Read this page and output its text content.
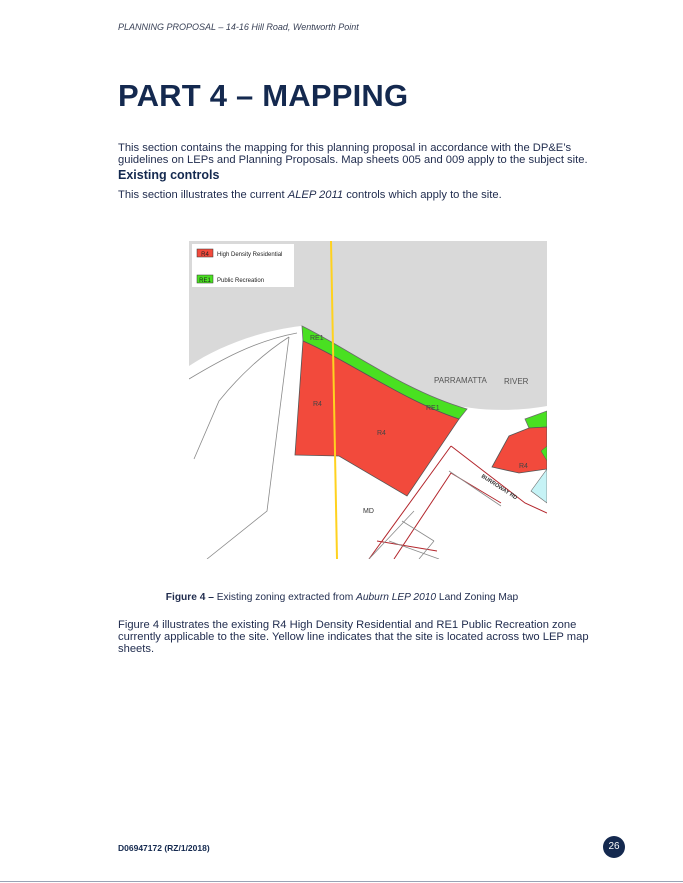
PLANNING PROPOSAL – 14-16 Hill Road, Wentworth Point
PART 4 – MAPPING

This section contains the mapping for this planning proposal in accordance with the DP&E’s guidelines on LEPs and Planning Proposals. Map sheets 005 and 009 apply to the subject site.

Existing controls

This section illustrates the current ALEP 2011 controls which apply to the site.

R4 High Density Residential
RE1 Public Recreation
RE1
RE1
R4
R4
R4
PARRAMATTA RIVER
BURROWAY RD
MD
Figure 4 – Existing zoning extracted from Auburn LEP 2010 Land Zoning Map

Figure 4 illustrates the existing R4 High Density Residential and RE1 Public Recreation zone currently applicable to the site. Yellow line indicates that the site is located across two LEP map sheets.

D06947172 (RZ/1/2018)	26
